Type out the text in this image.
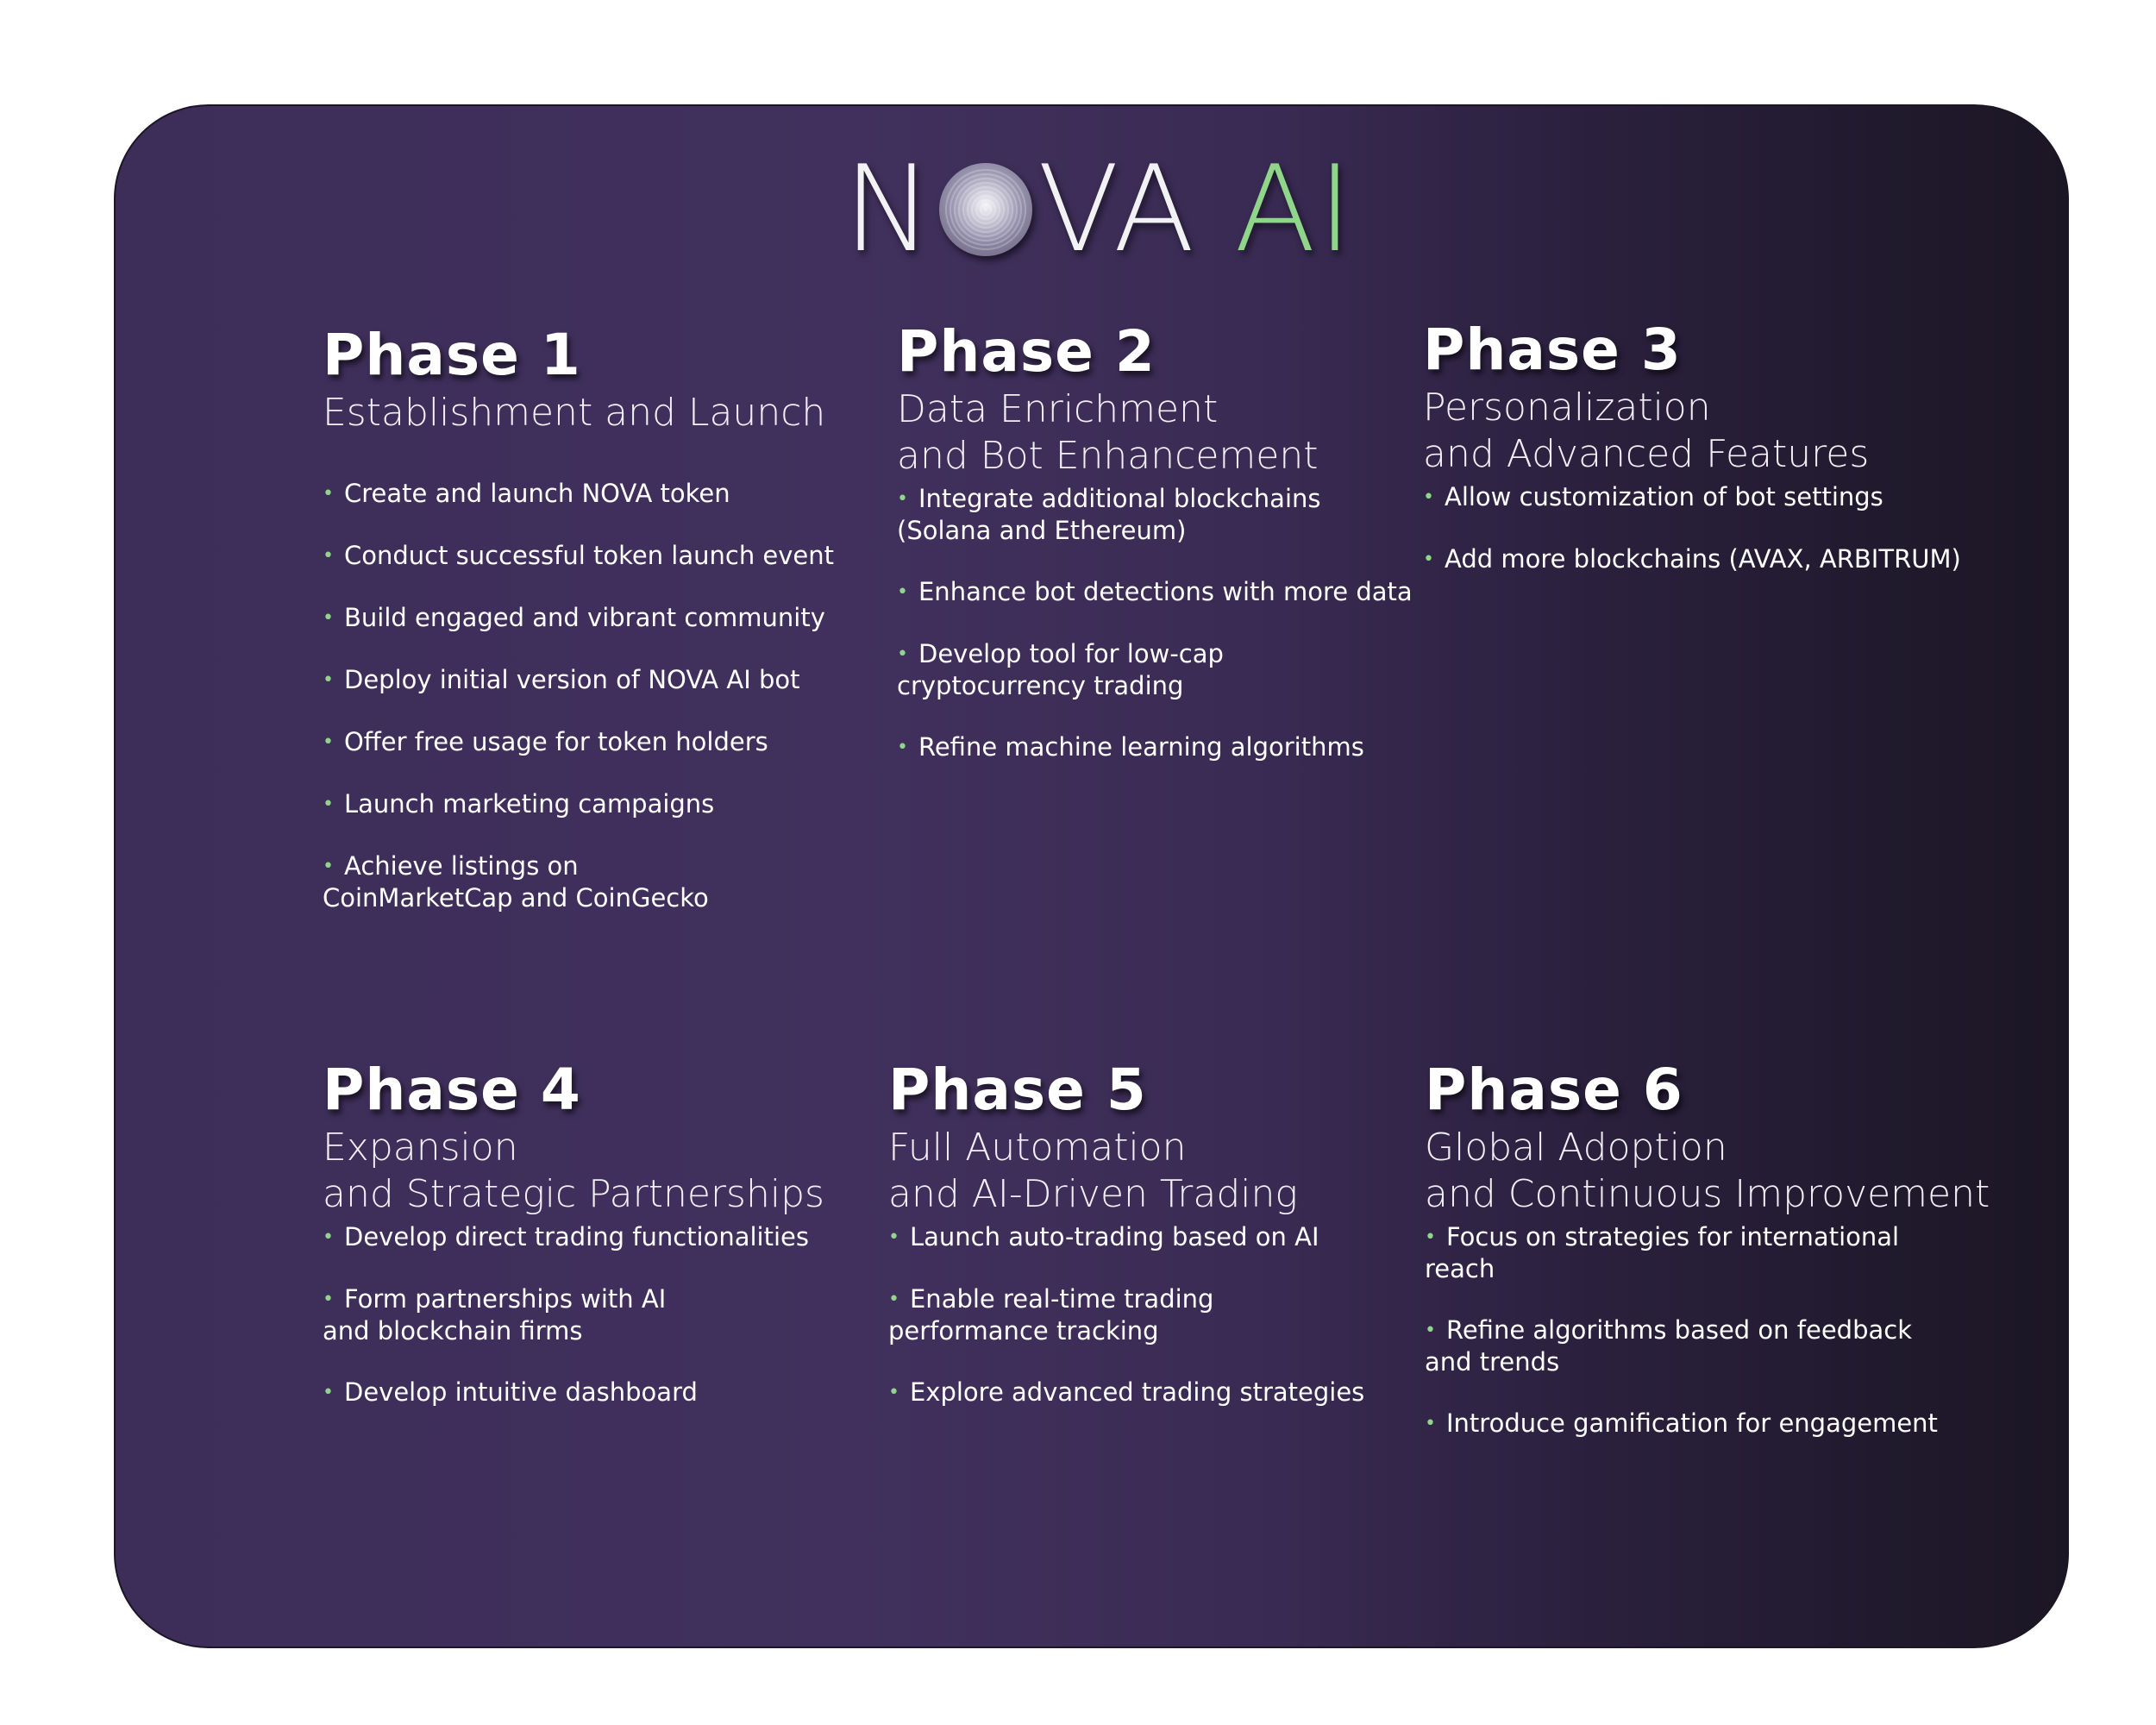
N VA AI
Phase 1
Establishment and Launch
• Create and launch NOVA token
• Conduct successful token launch event
• Build engaged and vibrant community
• Deploy initial version of NOVA AI bot
• Offer free usage for token holders
• Launch marketing campaigns
• Achieve listings on CoinMarketCap and CoinGecko
Phase 2
Data Enrichment
and Bot Enhancement
• Integrate additional blockchains (Solana and Ethereum)
• Enhance bot detections with more data
• Develop tool for low-cap cryptocurrency trading
• Refine machine learning algorithms
Phase 3
Personalization
and Advanced Features
• Allow customization of bot settings
• Add more blockchains (AVAX, ARBITRUM)
Phase 4
Expansion
and Strategic Partnerships
• Develop direct trading functionalities
• Form partnerships with AI and blockchain firms
• Develop intuitive dashboard
Phase 5
Full Automation
and AI-Driven Trading
• Launch auto-trading based on AI
• Enable real-time trading performance tracking
• Explore advanced trading strategies
Phase 6
Global Adoption
and Continuous Improvement
• Focus on strategies for international reach
• Refine algorithms based on feedback and trends
• Introduce gamification for engagement
